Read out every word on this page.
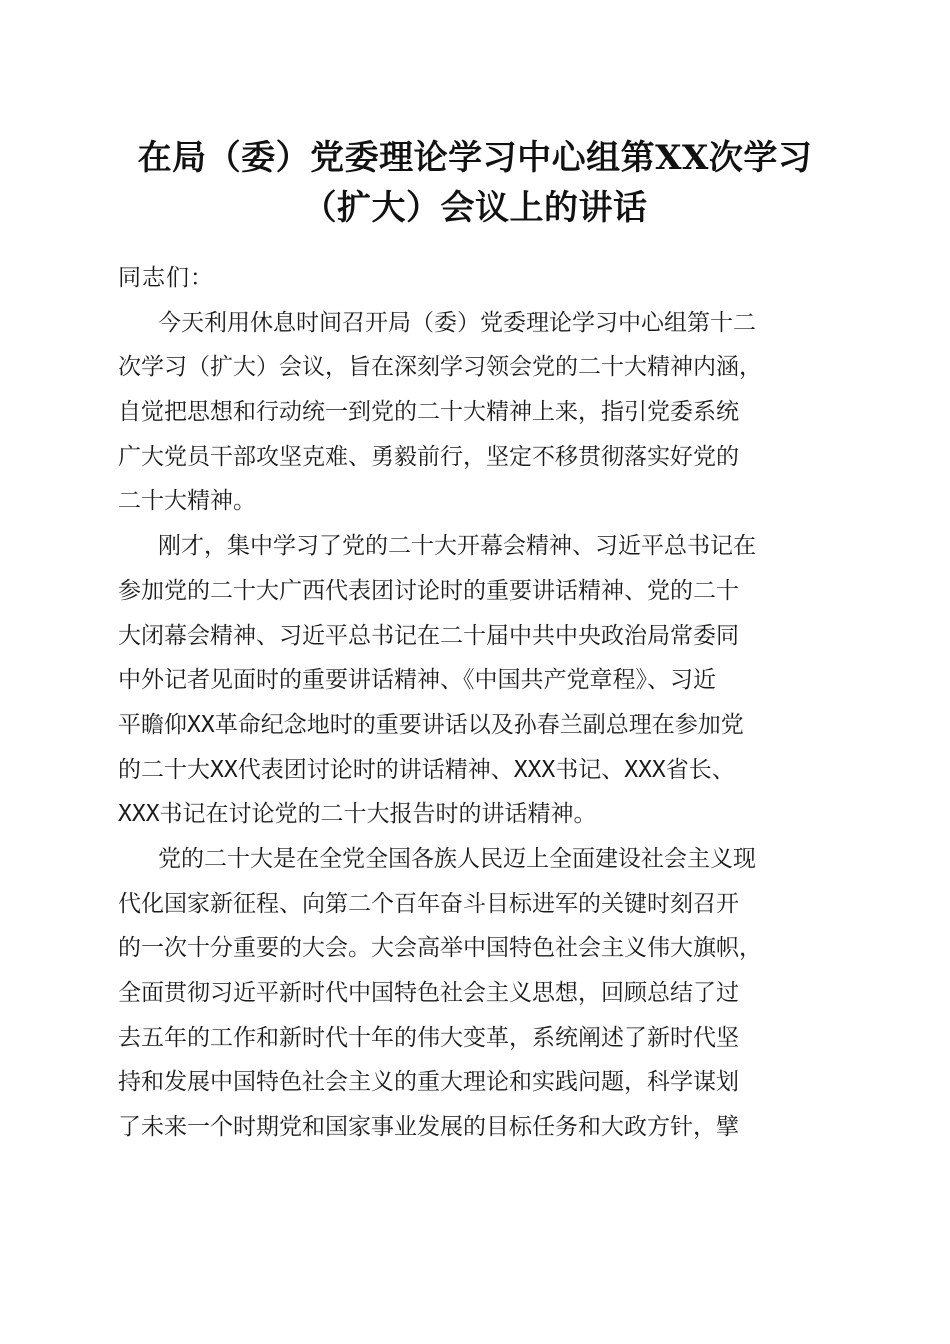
在局（委）党委理论学习中心组第XX次学习
（扩大）会议上的讲话
同志们：
今天利用休息时间召开局（委）党委理论学习中心组第十二
次学习（扩大）会议，旨在深刻学习领会党的二十大精神内涵，
自觉把思想和行动统一到党的二十大精神上来，指引党委系统
广大党员干部攻坚克难、勇毅前行，坚定不移贯彻落实好党的
二十大精神。
刚才，集中学习了党的二十大开幕会精神、习近平总书记在
参加党的二十大广西代表团讨论时的重要讲话精神、党的二十
大闭幕会精神、习近平总书记在二十届中共中央政治局常委同
中外记者见面时的重要讲话精神、《中国共产党章程》、习近
平瞻仰XX革命纪念地时的重要讲话以及孙春兰副总理在参加党
的二十大XX代表团讨论时的讲话精神、XXX书记、XXX省长、
XXX书记在讨论党的二十大报告时的讲话精神。
党的二十大是在全党全国各族人民迈上全面建设社会主义现
代化国家新征程、向第二个百年奋斗目标进军的关键时刻召开
的一次十分重要的大会。大会高举中国特色社会主义伟大旗帜，
全面贯彻习近平新时代中国特色社会主义思想，回顾总结了过
去五年的工作和新时代十年的伟大变革，系统阐述了新时代坚
持和发展中国特色社会主义的重大理论和实践问题，科学谋划
了未来一个时期党和国家事业发展的目标任务和大政方针，擘
